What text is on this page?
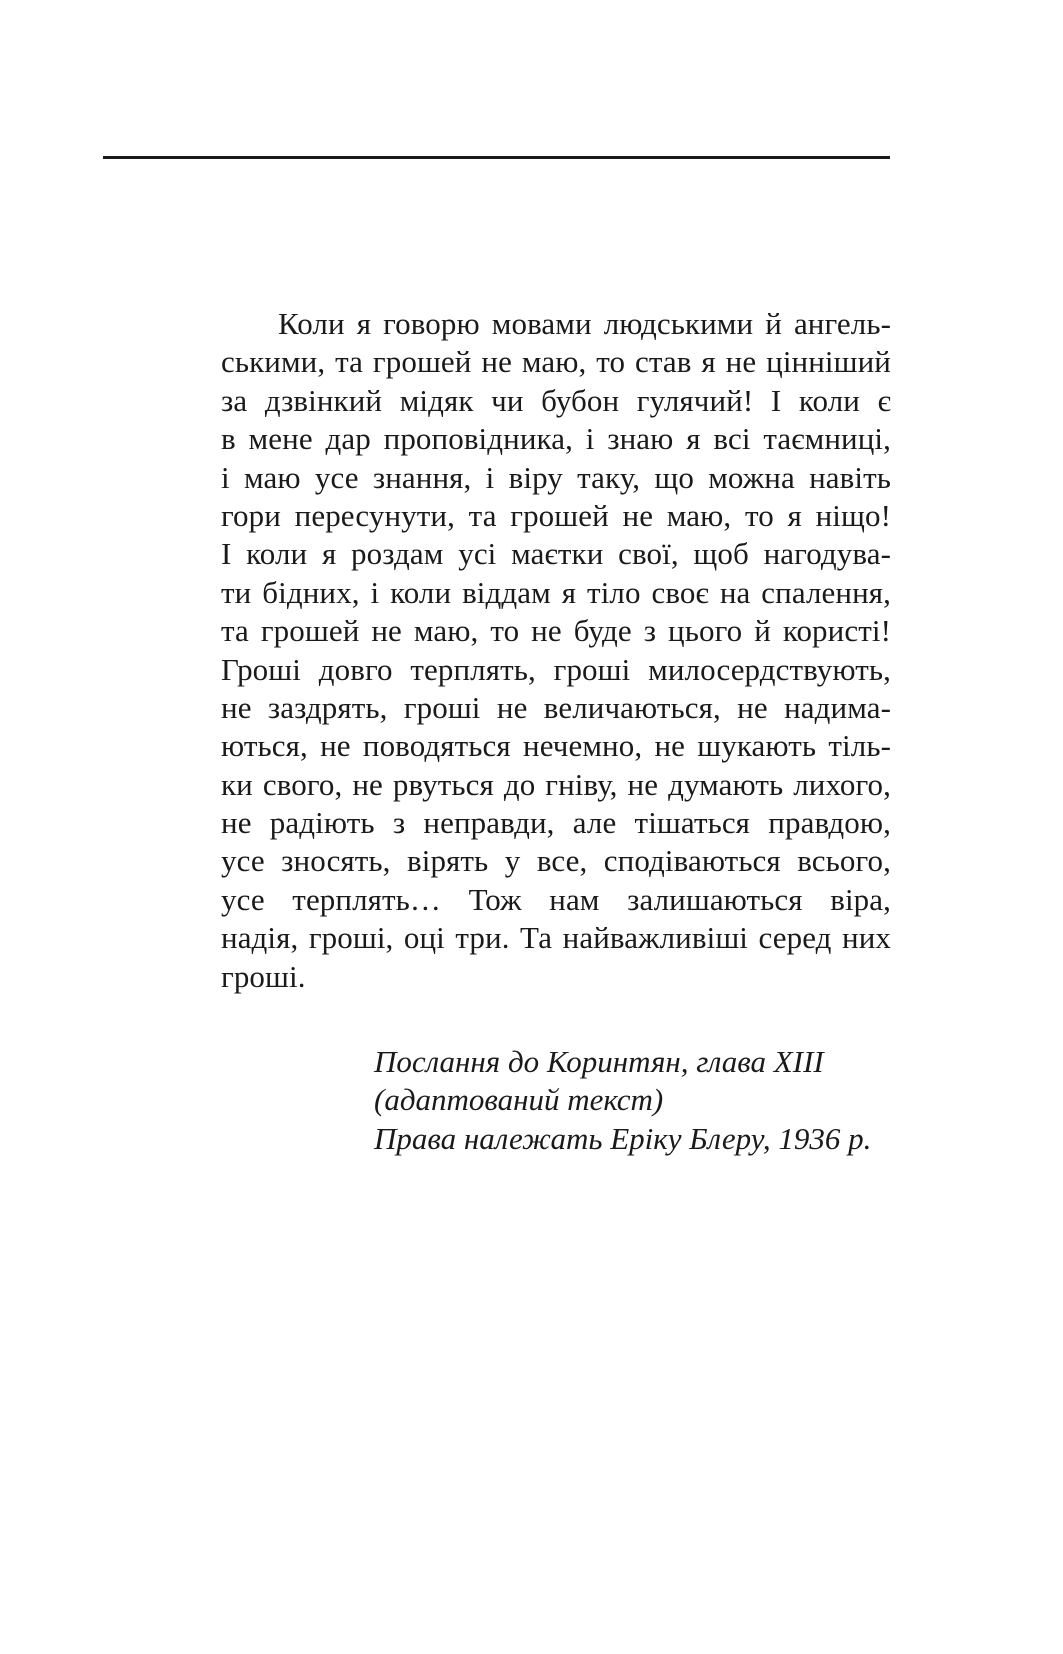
Коли я говорю мовами людськими й ангель-
ськими, та грошей не маю, то став я не цінніший
за дзвінкий мідяк чи бубон гулячий! І коли є
в мене дар проповідника, і знаю я всі таємниці,
і маю усе знання, і віру таку, що можна навіть
гори пересунути, та грошей не маю, то я ніщо!
І коли я роздам усі маєтки свої, щоб нагодува-
ти бідних, і коли віддам я тіло своє на спалення,
та грошей не маю, то не буде з цього й користі!
Гроші довго терплять, гроші милосердствують,
не заздрять, гроші не величаються, не надима-
ються, не поводяться нечемно, не шукають тіль-
ки свого, не рвуться до гніву, не думають лихого,
не радіють з неправди, але тішаться правдою,
усе зносять, вірять у все, сподіваються всього,
усе терплять… Тож нам залишаються віра,
надія, гроші, оці три. Та найважливіші серед них
гроші.
Послання до Коринтян, глава XIII
(адаптований текст)
Права належать Еріку Блеру, 1936 р.
